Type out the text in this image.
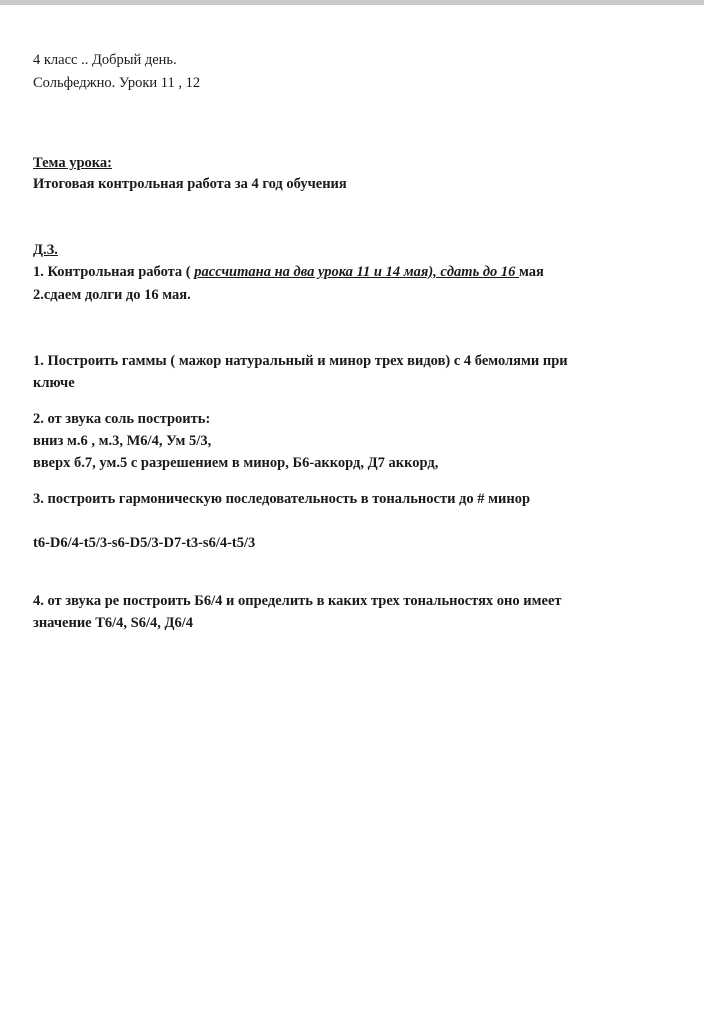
4 класс .. Добрый день.
Сольфеджно. Уроки 11 , 12
Тема урока:
Итоговая контрольная работа за 4 год обучения
Д.З.
1. Контрольная работа ( рассчитана на два урока 11 и 14 мая), сдать до 16 мая
2.сдаем долги до 16 мая.
1. Построить гаммы ( мажор натуральный и минор трех видов) с 4 бемолями при
ключе
2. от звука соль построить:
вниз м.6 , м.3, М6/4, Ум 5/3,
вверх б.7, ум.5 с разрешением в минор, Б6-аккорд, Д7 аккорд,
3. построить гармоническую последовательность в тональности до # минор
t6-D6/4-t5/3-s6-D5/3-D7-t3-s6/4-t5/3
4. от звука ре построить Б6/4 и определить в каких трех тональностях оно имеет
значение Т6/4, S6/4, Д6/4
